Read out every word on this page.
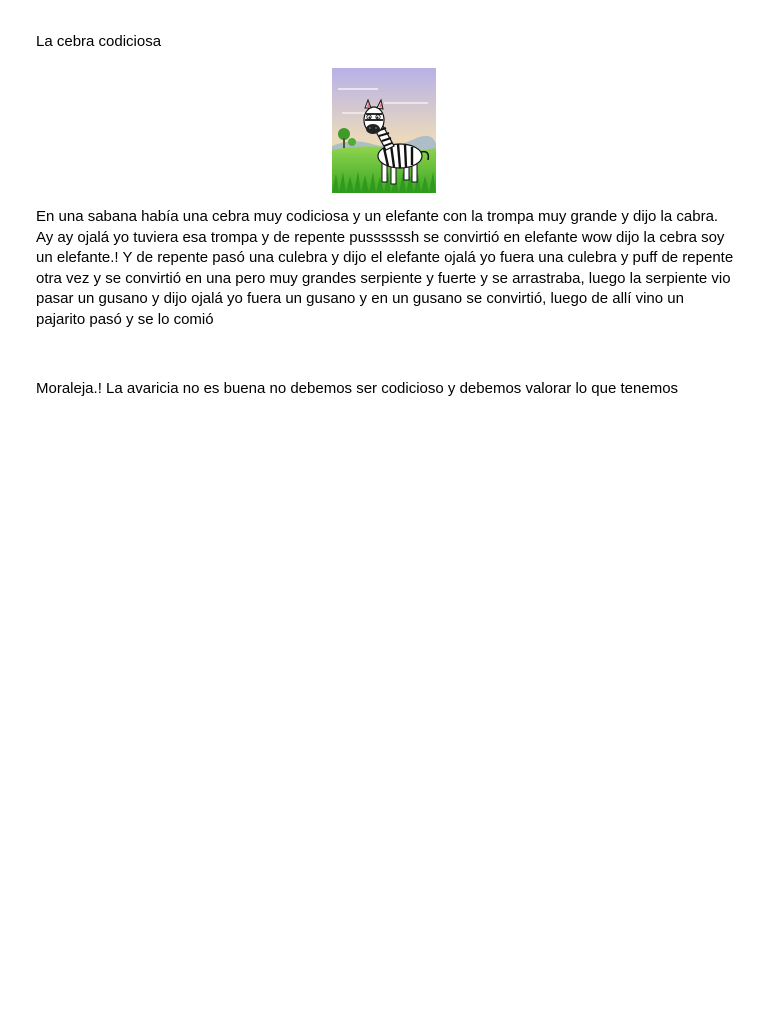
La cebra codiciosa

En una sabana había una cebra muy codiciosa y un elefante con la trompa muy grande y dijo la cabra. Ay ay ojalá yo tuviera esa trompa y de repente pussssssh se convirtió en elefante wow dijo la cebra soy un elefante.! Y de repente pasó una culebra y dijo el elefante ojalá yo fuera una culebra y puff de repente otra vez y se convirtió en una pero muy grandes serpiente y fuerte y se arrastraba, luego la serpiente vio pasar un gusano y dijo ojalá yo fuera un gusano y en un gusano se convirtió, luego de allí vino un pajarito pasó y se lo comió

Moraleja.! La avaricia no es buena no debemos ser codicioso y debemos valorar lo que tenemos
